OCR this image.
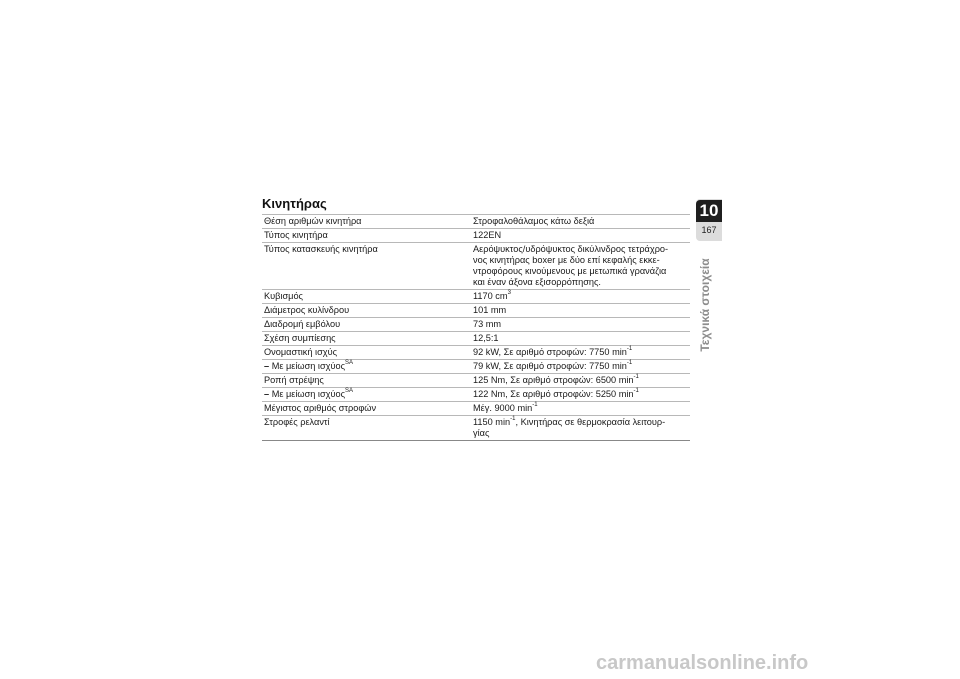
Κινητήρας
Θέση αριθμών κινητήρα	Στροφαλοθάλαμος κάτω δεξιά
Τύπος κινητήρα	122EN
Τύπος κατασκευής κινητήρα	Αερόψυκτος/υδρόψυκτος δικύλινδρος τετράχρο-
νος κινητήρας boxer με δύο επί κεφαλής εκκε-
ντροφόρους κινούμενους με μετωπικά γρανάζια
και έναν άξονα εξισορρόπησης.

Κυβισμός	1170 $cm^3$
Διάμετρος κυλίνδρου	101 mm
Διαδρομή εμβόλου	73 mm
Σχέση συμπίεσης	12,5:1
Ονομαστική ισχύς	92 kW, Σε αριθμό στροφών: 7750 $\min^{-1}$
– Με μείωση ισχύος$^{SA}$	79 kW, Σε αριθμό στροφών: 7750 $\min^{-1}$
Ροπή στρέψης	125 Nm, Σε αριθμό στροφών: 6500 $\min^{-1}$
– Με μείωση ισχύος$^{SA}$	122 Nm, Σε αριθμό στροφών: 5250 $\min^{-1}$
Μέγιστος αριθμός στροφών	Μέγ. 9000 $\min^{-1}$
Στροφές ρελαντί	1150 $\min^{-1}$, Κινητήρας σε θερμοκρασία λειτουρ-
γίας
10
167
Τεχνικά στοιχεία
carmanualsonline.info
